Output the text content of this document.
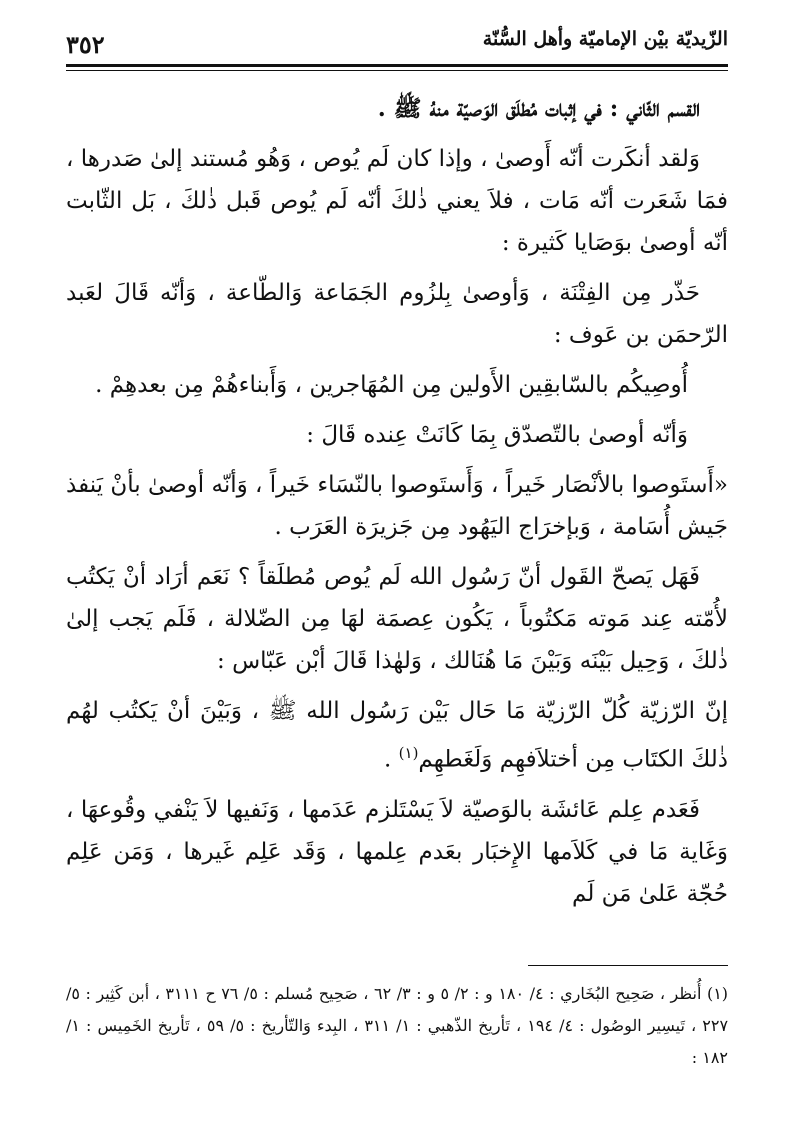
الزّيديّة بيْن الإماميّة وأهل السُّنّة
٣٥٢

القسم الثّاني : في إثبات مُطلَق الوَصيّة منهُ ﷺ .

وَلقد أنكَرت أنّه أَوصىٰ ، وإذا كان لَم يُوص ، وَهُو مُستند إلىٰ صَدرها ، فمَا شَعَرت أنّه مَات ، فلاَ يعني ذٰلكَ أنّه لَم يُوص قَبل ذٰلكَ ، بَل الثّابت أنّه أوصىٰ بوَصَايا كَثيرة :

حَذّر مِن الفِتْنَة ، وَأوصىٰ بِلزُوم الجَمَاعة وَالطّاعة ، وَأنّه قَالَ لعَبد الرّحمَن بن عَوف :

أُوصِيكُم بالسّابقِين الأَولين مِن المُهَاجرين ، وَأَبناءهُمْ مِن بعدهِمْ .

وَأنّه أوصىٰ بالتّصدّق بِمَا كَانَتْ عِنده قَالَ :

«أَستَوصوا بالأنْصَار خَيراً ، وَأَستَوصوا بالنّسَاء خَيراً ، وَأنّه أوصىٰ بأنْ يَنفذ جَيش أُسَامة ، وَبإخرَاج اليَهُود مِن جَزيرَة العَرَب .

فَهَل يَصحّ القَول أنّ رَسُول الله لَم يُوص مُطلَقاً ؟ نَعَم أرَاد أنْ يَكتُب لأُمّته عِند مَوته مَكتُوباً ، يَكُون عِصمَة لهَا مِن الضّلالة ، فَلَم يَجب إلىٰ ذٰلكَ ، وَحِيل بَيْنَه وَبَيْنَ مَا هُنَالك ، وَلهٰذا قَالَ أبْن عَبّاس :

إنّ الرّزيّة كُلّ الرّزيّة مَا حَال بَيْن رَسُول الله ﷺ ، وَبَيْنَ أنْ يَكتُب لهُم ذٰلكَ الكتَاب مِن أختلاَفهِم وَلَغَطهِم$^{(١)}$ .

فَعَدم عِلم عَائشَة بالوَصيّة لاَ يَسْتَلزم عَدَمها ، وَنَفيها لاَ يَنْفي وقُوعهَا ، وَغَاية مَا في كَلاَمها الإِخبَار بعَدم عِلمها ، وَقَد عَلِم غَيرها ، وَمَن عَلِم حُجّة عَلىٰ مَن لَم

(١) أُنظر ، صَحِيح البُخَاري : ٤/ ١٨٠ و : ٢/ ٥ و : ٣/ ٦٢ ، صَحِيح مُسلم : ٥/ ٧٦ ح ٣١١١ ، أبن كَثِير : ٥/ ٢٢٧ ، تَيسِير الوصُول : ٤/ ١٩٤ ، تَأريخ الذّهبي : ١/ ٣١١ ، البِدء وَالتّأريخ : ٥/ ٥٩ ، تَأريخ الخَمِيس : ١/ ١٨٢ :
